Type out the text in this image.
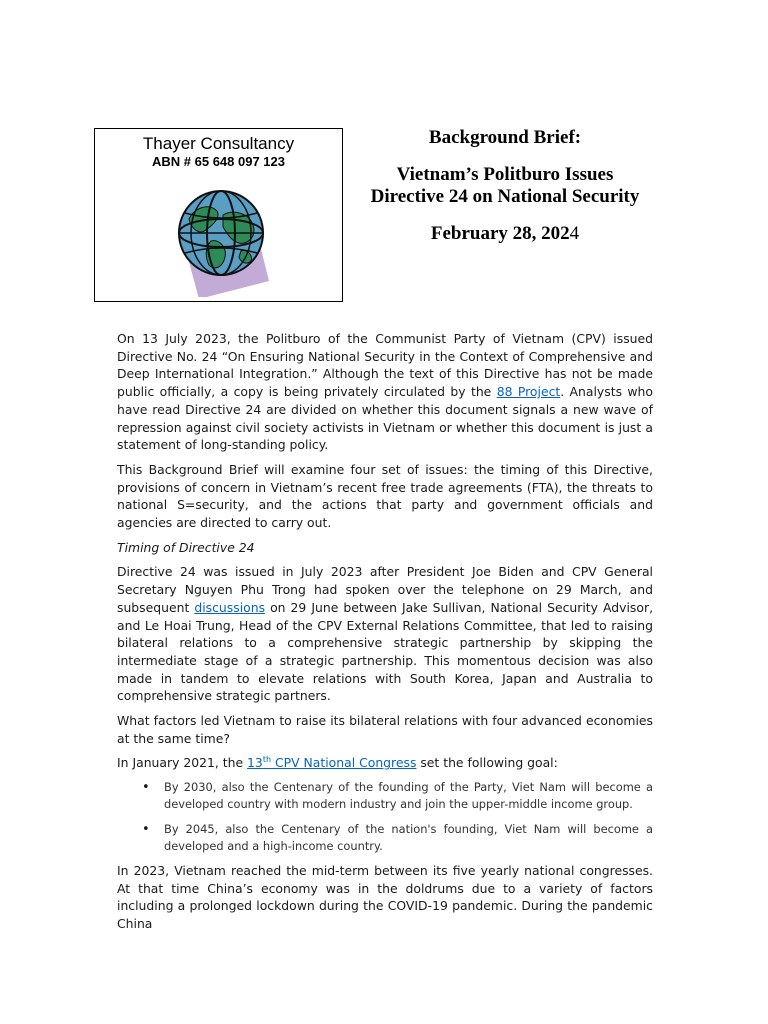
Thayer Consultancy
ABN # 65 648 097 123
Background Brief:
Vietnam’s Politburo Issues
Directive 24 on National Security
February 28, 2024

On 13 July 2023, the Politburo of the Communist Party of Vietnam (CPV) issued Directive No. 24 “On Ensuring National Security in the Context of Comprehensive and Deep International Integration.” Although the text of this Directive has not be made public officially, a copy is being privately circulated by the 88 Project. Analysts who have read Directive 24 are divided on whether this document signals a new wave of repression against civil society activists in Vietnam or whether this document is just a statement of long-standing policy.

This Background Brief will examine four set of issues: the timing of this Directive, provisions of concern in Vietnam’s recent free trade agreements (FTA), the threats to national S=security, and the actions that party and government officials and agencies are directed to carry out.

Timing of Directive 24

Directive 24 was issued in July 2023 after President Joe Biden and CPV General Secretary Nguyen Phu Trong had spoken over the telephone on 29 March, and subsequent discussions on 29 June between Jake Sullivan, National Security Advisor, and Le Hoai Trung, Head of the CPV External Relations Committee, that led to raising bilateral relations to a comprehensive strategic partnership by skipping the intermediate stage of a strategic partnership. This momentous decision was also made in tandem to elevate relations with South Korea, Japan and Australia to comprehensive strategic partners.

What factors led Vietnam to raise its bilateral relations with four advanced economies at the same time?

In January 2021, the 13th CPV National Congress set the following goal:

• By 2030, also the Centenary of the founding of the Party, Viet Nam will become a developed country with modern industry and join the upper-middle income group.
• By 2045, also the Centenary of the nation's founding, Viet Nam will become a developed and a high-income country.

In 2023, Vietnam reached the mid-term between its five yearly national congresses. At that time China’s economy was in the doldrums due to a variety of factors including a prolonged lockdown during the COVID-19 pandemic. During the pandemic China
